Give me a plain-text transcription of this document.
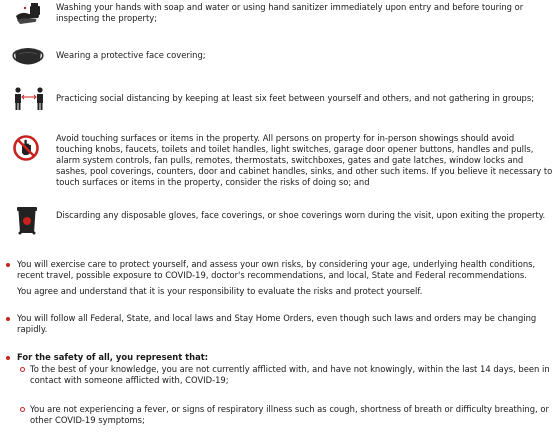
Washing your hands with soap and water or using hand sanitizer immediately upon entry and before touring or inspecting the property;
Wearing a protective face covering;
Practicing social distancing by keeping at least six feet between yourself and others, and not gathering in groups;
Avoid touching surfaces or items in the property. All persons on property for in-person showings should avoid touching knobs, faucets, toilets and toilet handles, light switches, garage door opener buttons, handles and pulls, alarm system controls, fan pulls, remotes, thermostats, switchboxes, gates and gate latches, window locks and sashes, pool coverings, counters, door and cabinet handles, sinks, and other such items. If you believe it necessary to touch surfaces or items in the property, consider the risks of doing so; and
Discarding any disposable gloves, face coverings, or shoe coverings worn during the visit, upon exiting the property.
You will exercise care to protect yourself, and assess your own risks, by considering your age, underlying health conditions, recent travel, possible exposure to COVID-19, doctor's recommendations, and local, State and Federal recommendations.
You agree and understand that it is your responsibility to evaluate the risks and protect yourself.
You will follow all Federal, State, and local laws and Stay Home Orders, even though such laws and orders may be changing rapidly.
For the safety of all, you represent that:
To the best of your knowledge, you are not currently afflicted with, and have not knowingly, within the last 14 days, been in contact with someone afflicted with, COVID-19;
You are not experiencing a fever, or signs of respiratory illness such as cough, shortness of breath or difficulty breathing, or other COVID-19 symptoms;
